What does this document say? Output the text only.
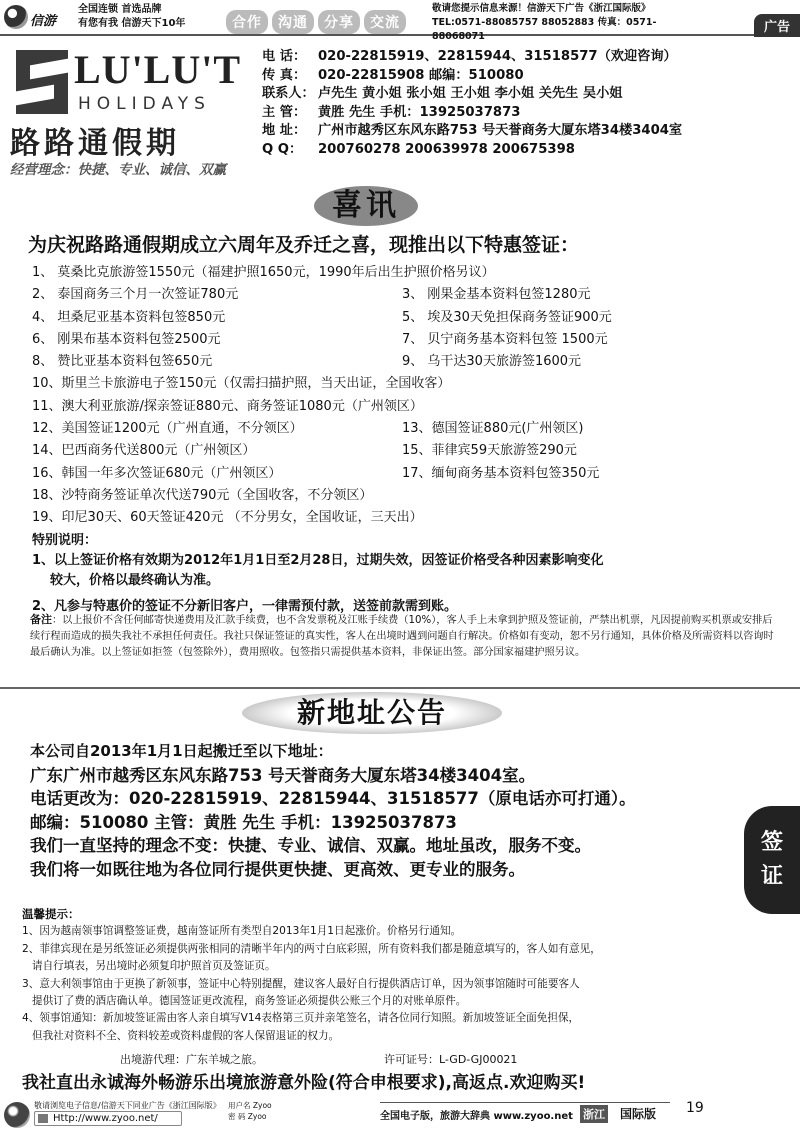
信游
全国连锁 首选品牌
有您有我 信游天下10年	合作	沟通	分享	交流
敬请您提示信息来源！信游天下广告《浙江国际版》
TEL:0571-88085757 88052883 传真：0571-88068071
广告
LU'LU'T
HOLIDAYS
路路通假期
经营理念：快捷、专业、诚信、双赢
电 话： 020-22815919、22815944、31518577（欢迎咨询）
传 真： 020-22815908 邮编：510080
联系人： 卢先生 黄小姐 张小姐 王小姐 李小姐 关先生 吴小姐
主 管： 黄胜 先生 手机：13925037873
地 址： 广州市越秀区东风东路753 号天誉商务大厦东塔34楼3404室
Q Q：	200760278 200639978 200675398
喜讯
为庆祝路路通假期成立六周年及乔迁之喜，现推出以下特惠签证：
1、 莫桑比克旅游签1550元（福建护照1650元，1990年后出生护照价格另议）
2、 泰国商务三个月一次签证780元	3、 刚果金基本资料包签1280元
4、 坦桑尼亚基本资料包签850元	5、 埃及30天免担保商务签证900元
6、 刚果布基本资料包签2500元	7、 贝宁商务基本资料包签 1500元
8、 赞比亚基本资料包签650元	9、 乌干达30天旅游签1600元
10、斯里兰卡旅游电子签150元（仅需扫描护照，当天出证，全国收客）
11、澳大利亚旅游/探亲签证880元、商务签证1080元（广州领区）
12、美国签证1200元（广州直通，不分领区）	13、德国签证880元(广州领区)
14、巴西商务代送800元（广州领区）	15、菲律宾59天旅游签290元
16、韩国一年多次签证680元（广州领区）	17、缅甸商务基本资料包签350元
18、沙特商务签证单次代送790元（全国收客，不分领区）
19、印尼30天、60天签证420元 （不分男女，全国收证，三天出）
特别说明：
1、以上签证价格有效期为2012年1月1日至2月28日，过期失效，因签证价格受各种因素影响变化
较大，价格以最终确认为准。
2、凡参与特惠价的签证不分新旧客户，一律需预付款，送签前款需到账。
备注：以上报价不含任何邮寄快递费用及汇款手续费，也不含发票税及江账手续费（10%），客人手上未拿到护照及签证前，严禁出机票，凡因提前购买机票或安排后续行程而造成的损失我社不承担任何责任。我社只保证签证的真实性，客人在出境时遇到问题自行解决。价格如有变动，恕不另行通知，具体价格及所需资料以咨询时最后确认为准。以上签证如拒签（包签除外），费用照收。包签指只需提供基本资料，非保证出签。部分国家福建护照另议。
新地址公告
本公司自2013年1月1日起搬迁至以下地址：
广东广州市越秀区东风东路753 号天誉商务大厦东塔34楼3404室。
电话更改为：020-22815919、22815944、31518577（原电话亦可打通）。
邮编：510080 主管：黄胜 先生 手机：13925037873
我们一直坚持的理念不变：快捷、专业、诚信、双赢。地址虽改，服务不变。
我们将一如既往地为各位同行提供更快捷、更高效、更专业的服务。
签
证
温馨提示：
1、因为越南领事馆调整签证费，越南签证所有类型自2013年1月1日起涨价。价格另行通知。
2、菲律宾现在是另纸签证必须提供两张相同的清晰半年内的两寸白底彩照，所有资料我们都是随意填写的，客人如有意见，
请自行填表，另出境时必须复印护照首页及签证页。
3、意大利领事馆由于更换了新领事，签证中心特别提醒，建议客人最好自行提供酒店订单，因为领事馆随时可能要客人
提供订了费的酒店确认单。德国签证更改流程，商务签证必须提供公账三个月的对账单原件。
4、领事馆通知：新加坡签证需由客人亲自填写V14表格第三页并亲笔签名，请各位同行知照。新加坡签证全面免担保，
但我社对资料不全、资料较差或资料虚假的客人保留退证的权力。
出境游代理：广东羊城之旅。	许可证号：L-GD-GJ00021
我社直出永诚海外畅游乐出境旅游意外险(符合申根要求),高返点.欢迎购买!
敬请浏览电子信息/信游天下同业广告《浙江国际版》
Http://www.zyoo.net/
用户名 Zyoo
密 码 Zyoo	全国电子版，旅游大辞典 www.zyoo.net 浙江 国际版 19
